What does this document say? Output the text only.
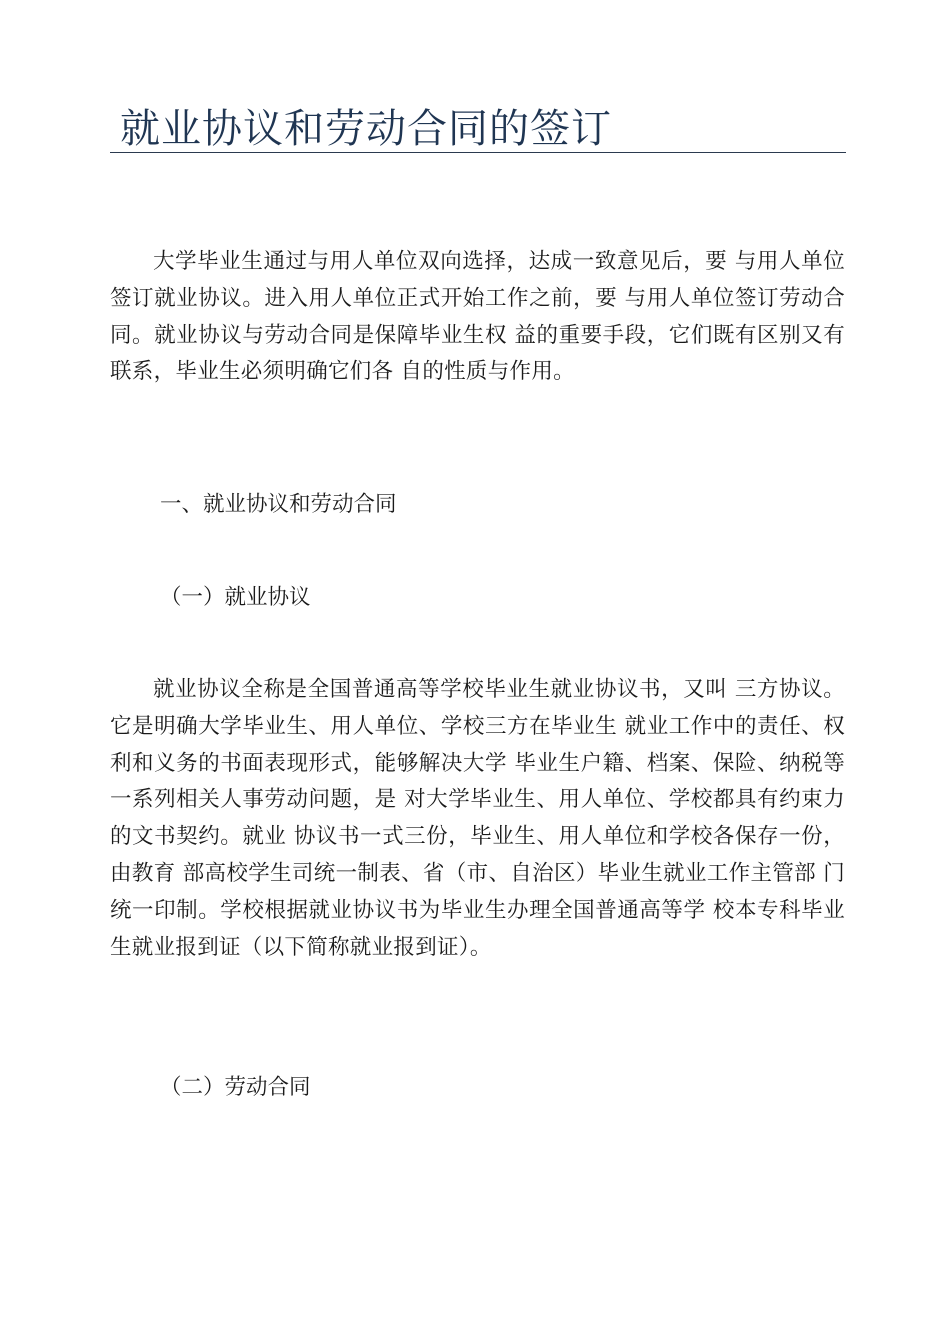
就业协议和劳动合同的签订

大学毕业生通过与用人单位双向选择，达成一致意见后，要 与用人单位签订就业协议。进入用人单位正式开始工作之前，要 与用人单位签订劳动合同。就业协议与劳动合同是保障毕业生权 益的重要手段，它们既有区别又有联系，毕业生必须明确它们各 自的性质与作用。

一、就业协议和劳动合同
（一）就业协议

就业协议全称是全国普通高等学校毕业生就业协议书，又叫 三方协议。它是明确大学毕业生、用人单位、学校三方在毕业生 就业工作中的责任、权利和义务的书面表现形式，能够解决大学 毕业生户籍、档案、保险、纳税等一系列相关人事劳动问题，是 对大学毕业生、用人单位、学校都具有约束力的文书契约。就业 协议书一式三份，毕业生、用人单位和学校各保存一份，由教育 部高校学生司统一制表、省（市、自治区）毕业生就业工作主管部 门统一印制。学校根据就业协议书为毕业生办理全国普通高等学 校本专科毕业生就业报到证（以下简称就业报到证）。

（二）劳动合同
